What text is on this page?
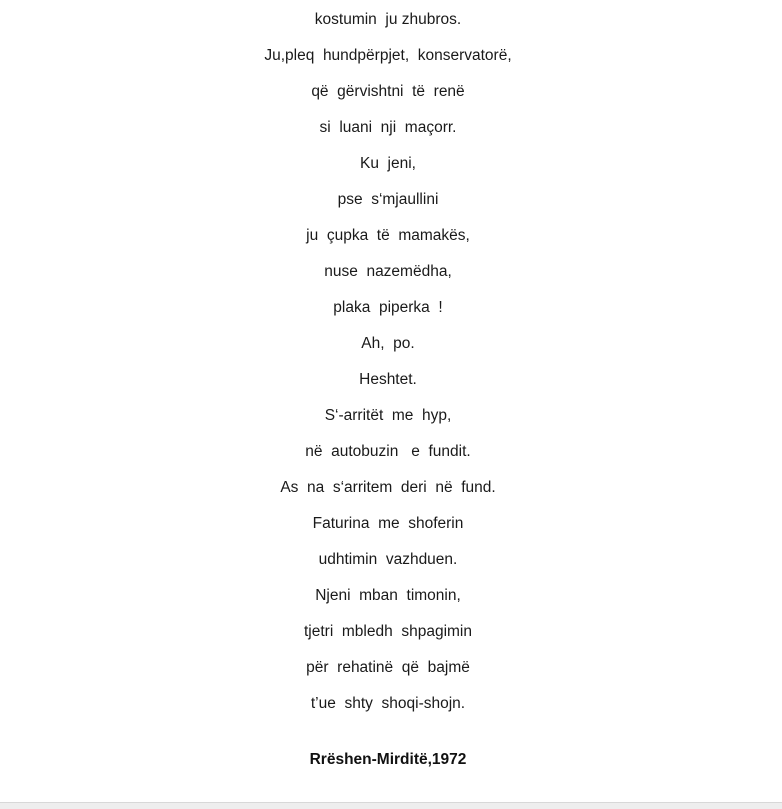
kostumin  ju zhubros.
Ju,pleq  hundpërpjet,  konservatorë,
që  gërvishtni  të  renë
si  luani  nji  maçorr.
Ku  jeni,
pse  s‘mjaullini
ju  çupka  të  mamakës,
nuse  nazemëdha,
plaka  piperka  !
Ah,  po.
Heshtet.
S‘-arritët  me  hyp,
në  autobuzin   e  fundit.
As  na  s‘arritem  deri  në  fund.
Faturina  me  shoferin
udhtimin  vazhduen.
Njeni  mban  timonin,
tjetri  mbledh  shpagimin
për  rehatinë  që  bajmë
t’ue  shty  shoqi-shojn.
Rrëshen-Mirditë,1972
